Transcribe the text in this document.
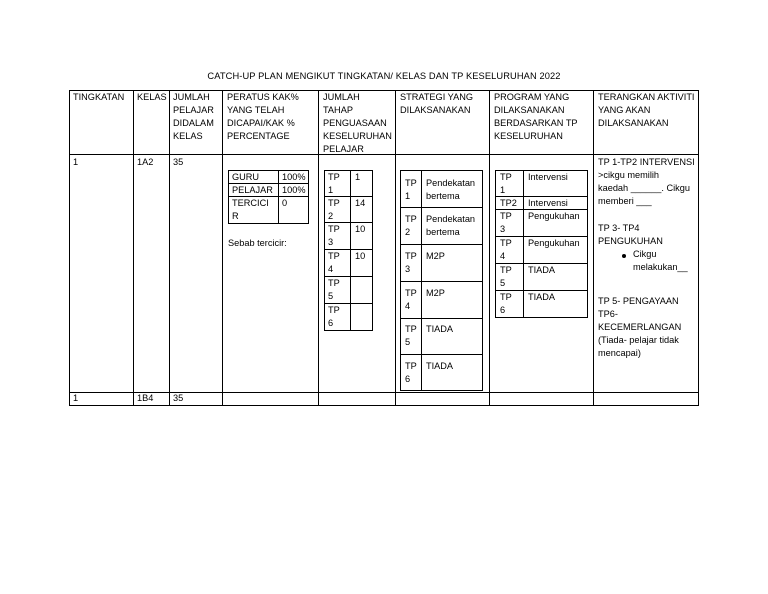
CATCH-UP PLAN MENGIKUT TINGKATAN/ KELAS DAN TP KESELURUHAN 2022
TINGKATAN KELAS JUMLAH
PELAJAR
DIDALAM
KELAS
PERATUS KAK%
YANG TELAH
DICAPAI/KAK %
PERCENTAGE
JUMLAH
TAHAP
PENGUASAAN
KESELURUHAN
PELAJAR
STRATEGI YANG
DILAKSANAKAN
PROGRAM YANG
DILAKSANAKAN
BERDASARKAN TP
KESELURUHAN
TERANGKAN AKTIVITI
YANG AKAN
DILAKSANAKAN
1	1A2 35
1	1B4 35
GURU 100%
PELAJAR 100%
TERCICI
R
0
Sebab tercicir:
TP
1
1
TP
2
14
TP
3
10
TP
4
10
TP
5
TP
6
TP
1
Pendekatan
bertema
TP
2
Pendekatan
bertema
TP
3
M2P
TP
4
M2P
TP
5
TIADA
TP
6
TIADA
TP
1
Intervensi
TP2 Intervensi
TP
3
Pengukuhan
TP
4
Pengukuhan
TP
5
TIADA
TP
6
TIADA
TP 1-TP2 INTERVENSI
>cikgu memilih
kaedah ______. Cikgu
memberi ___
TP 3- TP4
PENGUKUHAN
Cikgu
melakukan__
TP 5- PENGAYAAN
TP6-
KECEMERLANGAN
(Tiada- pelajar tidak
mencapai)
